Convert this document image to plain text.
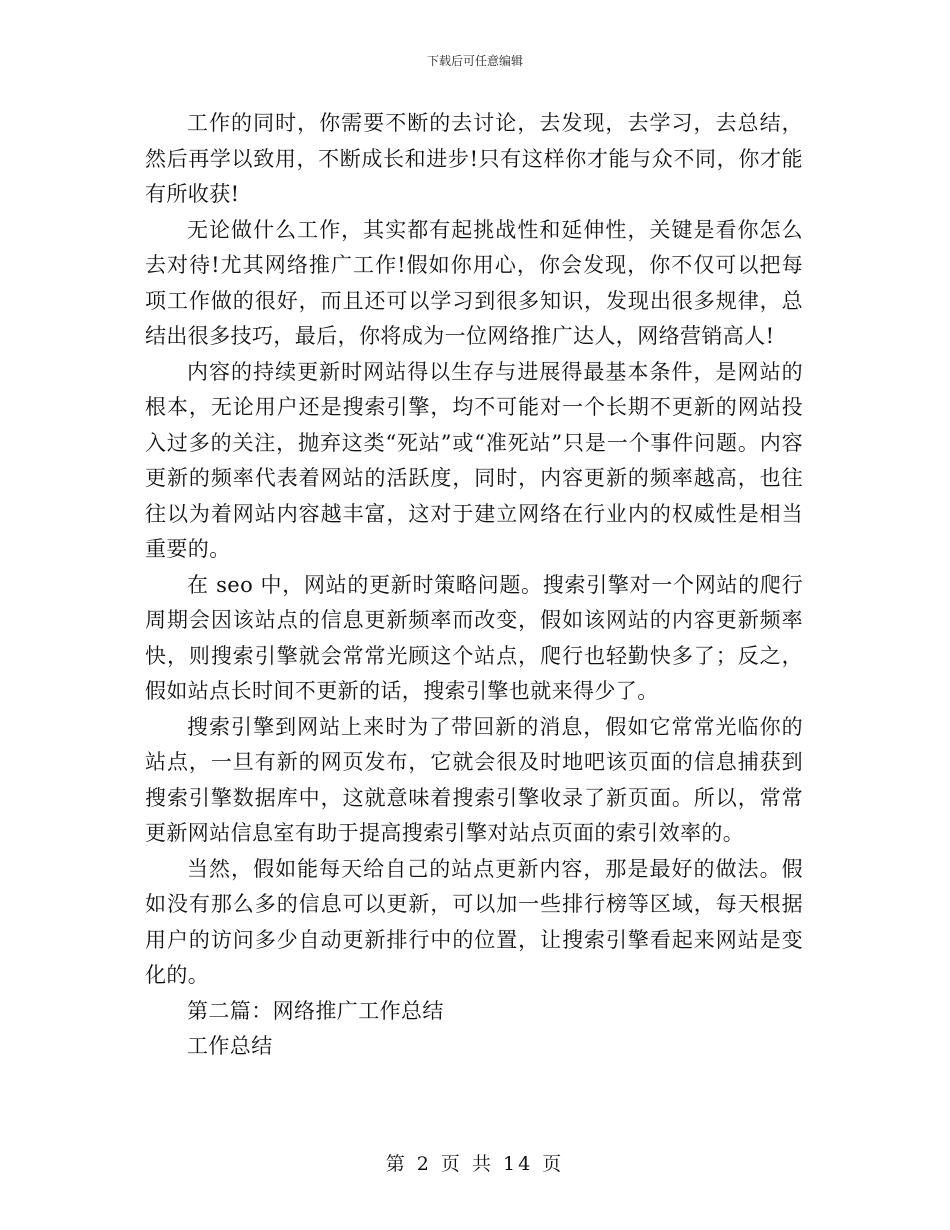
下载后可任意编辑

工作的同时，你需要不断的去讨论，去发现，去学习，去总结，然后再学以致用，不断成长和进步!只有这样你才能与众不同，你才能有所收获!

无论做什么工作，其实都有起挑战性和延伸性，关键是看你怎么去对待!尤其网络推广工作!假如你用心，你会发现，你不仅可以把每项工作做的很好，而且还可以学习到很多知识，发现出很多规律，总结出很多技巧，最后，你将成为一位网络推广达人，网络营销高人!

内容的持续更新时网站得以生存与进展得最基本条件，是网站的根本，无论用户还是搜索引擎，均不可能对一个长期不更新的网站投入过多的关注，抛弃这类“死站”或“准死站”只是一个事件问题。内容更新的频率代表着网站的活跃度，同时，内容更新的频率越高，也往往以为着网站内容越丰富，这对于建立网络在行业内的权威性是相当重要的。

在 seo 中，网站的更新时策略问题。搜索引擎对一个网站的爬行周期会因该站点的信息更新频率而改变，假如该网站的内容更新频率快，则搜索引擎就会常常光顾这个站点，爬行也轻勤快多了；反之，假如站点长时间不更新的话，搜索引擎也就来得少了。

搜索引擎到网站上来时为了带回新的消息，假如它常常光临你的站点，一旦有新的网页发布，它就会很及时地吧该页面的信息捕获到搜索引擎数据库中，这就意味着搜索引擎收录了新页面。所以，常常更新网站信息室有助于提高搜索引擎对站点页面的索引效率的。

当然，假如能每天给自己的站点更新内容，那是最好的做法。假如没有那么多的信息可以更新，可以加一些排行榜等区域，每天根据用户的访问多少自动更新排行中的位置，让搜索引擎看起来网站是变化的。

第二篇：网络推广工作总结

工作总结

第 2 页 共 14 页
